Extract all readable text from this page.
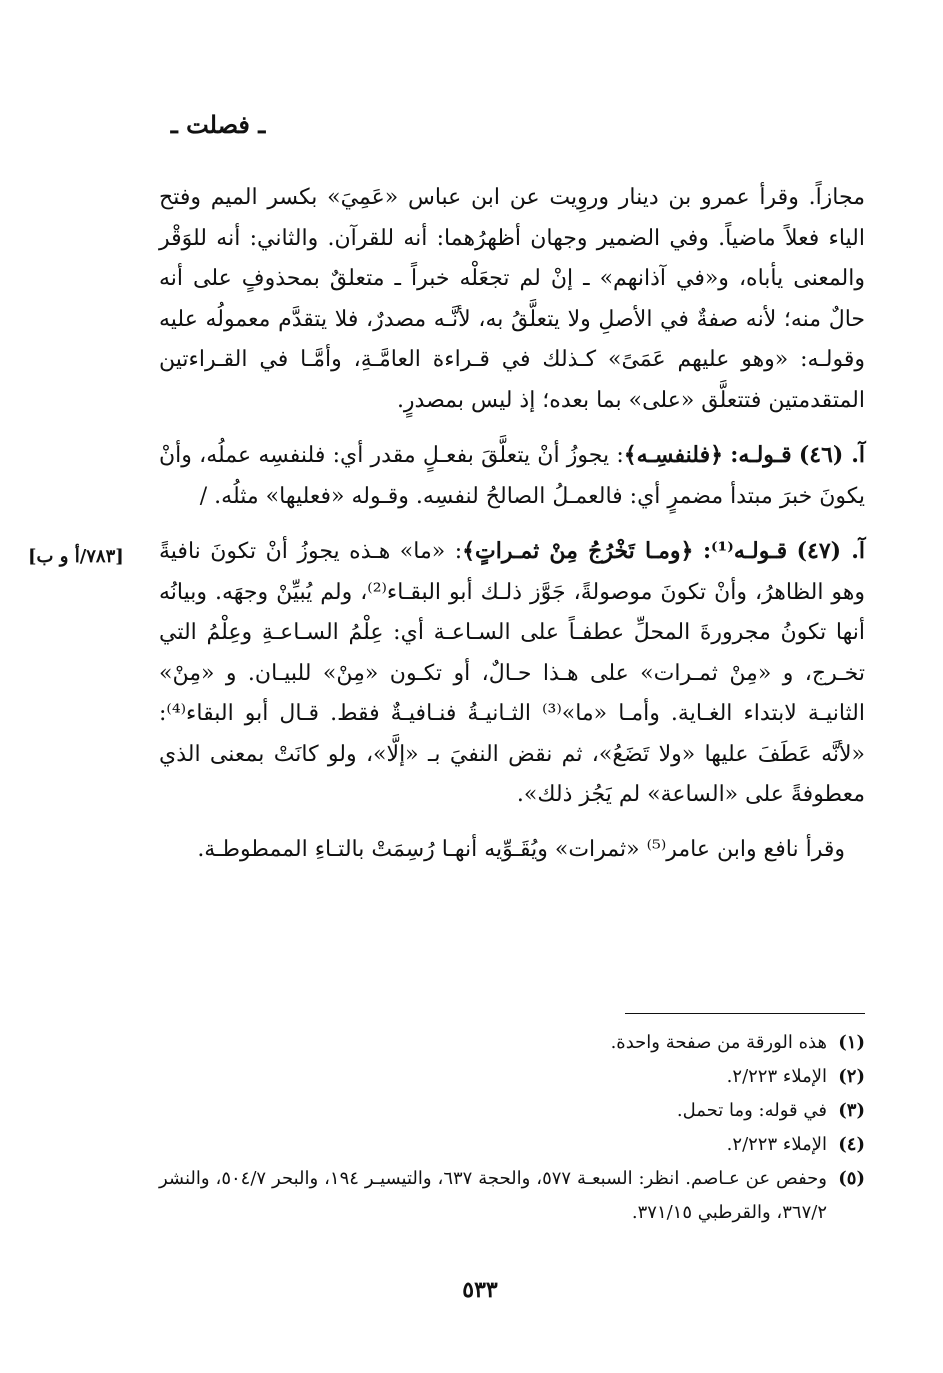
ـ فصلت ـ

مجازاً. وقرأ عمرو بن دينار وروِيت عن ابن عباس «عَمِيَ» بكسر الميم وفتح الياء فعلاً ماضياً. وفي الضمير وجهان أظهرُهما: أنه للقرآن. والثاني: أنه للوَقْر والمعنى يأباه، و«في آذانهم» ـ إنْ لم تجعَلْه خبراً ـ متعلقٌ بمحذوفٍ على أنه حالٌ منه؛ لأنه صفةٌ في الأصلِ ولا يتعلَّقُ به، لأنَّـه مصدرٌ، فلا يتقدَّم معمولُه عليه وقولـه: «وهو عليهم عَمَىً» كـذلك في قـراءة العامَّـةِ، وأمَّـا في القـراءتين المتقدمتين فتتعلَّق «على» بما بعده؛ إذ ليس بمصدرٍ.

آ. (٤٦) قـولـه: ﴿فلنفسِـه﴾: يجوزُ أنْ يتعلَّقَ بفعـلٍ مقدر أي: فلنفسِه عملُه، وأنْ يكونَ خبرَ مبتدأ مضمرٍ أي: فالعمـلُ الصالحُ لنفسِه. وقـوله «فعليها» مثلُه. /

آ. (٤٧) قـولـه⁽¹⁾: ﴿ومـا تَخْرُجُ مِنْ ثمـراتٍ﴾: «ما» هـذه يجوزُ أنْ تكونَ نافيةً وهو الظاهرُ، وأنْ تكونَ موصولةً، جَوَّز ذلـك أبو البقـاء⁽²⁾، ولم يُبيِّنْ وجهَه. وبيانُه أنها تكونُ مجرورةَ المحلِّ عطفـاً على السـاعـة أي: عِلْمُ السـاعـةِ وعِلْمُ التي تخـرج، و «مِنْ ثمـرات» على هـذا حـالٌ، أو تكـون «مِنْ» للبيـان. و «مِنْ» الثانيـة لابتداء الغـاية. وأمـا «ما»⁽³⁾ الثـانيـةُ فنـافيـةٌ فقط. قـال أبو البقاء⁽⁴⁾: «لأنَّه عَطَفَ عليها «ولا تَضَعُ»، ثم نقض النفيَ بـ «إلَّا»، ولو كانَتْ بمعنى الذي معطوفةً على «الساعة» لم يَجُز ذلك».

وقرأ نافع وابن عامر⁽⁵⁾ «ثمرات» ويُقَـوِّيه أنهـا رُسِمَتْ بالتـاءِ الممطوطـة.

[٧٨٣/أ و ب]
(١)
هذه الورقة من صفحة واحدة.
(٢)
الإملاء ٢/٢٢٣.
(٣)
في قوله: وما تحمل.
(٤)
الإملاء ٢/٢٢٣.
(٥)
وحفص عن عـاصم. انظر: السبعـة ٥٧٧، والحجة ٦٣٧، والتيسيـر ١٩٤، والبحر ٥٠٤/٧، والنشر ٣٦٧/٢، والقرطبي ٣٧١/١٥.
٥٣٣
